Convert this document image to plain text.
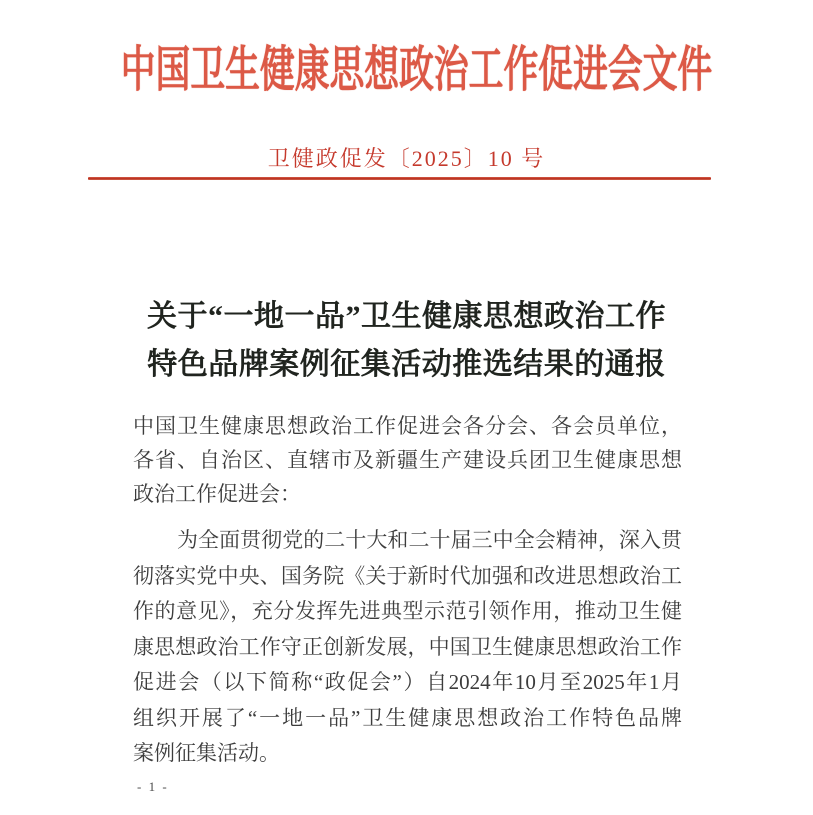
中国卫生健康思想政治工作促进会文件
卫健政促发〔2025〕10 号
关于“一地一品”卫生健康思想政治工作
特色品牌案例征集活动推选结果的通报
中国卫生健康思想政治工作促进会各分会、各会员单位，
各省、自治区、直辖市及新疆生产建设兵团卫生健康思想
政治工作促进会：
为全面贯彻党的二十大和二十届三中全会精神，深入贯
彻落实党中央、国务院《关于新时代加强和改进思想政治工
作的意见》，充分发挥先进典型示范引领作用，推动卫生健
康思想政治工作守正创新发展，中国卫生健康思想政治工作
促进会（以下简称“政促会”）自2024年10月至2025年1月
组织开展了“一地一品”卫生健康思想政治工作特色品牌
案例征集活动。
- 1 -
